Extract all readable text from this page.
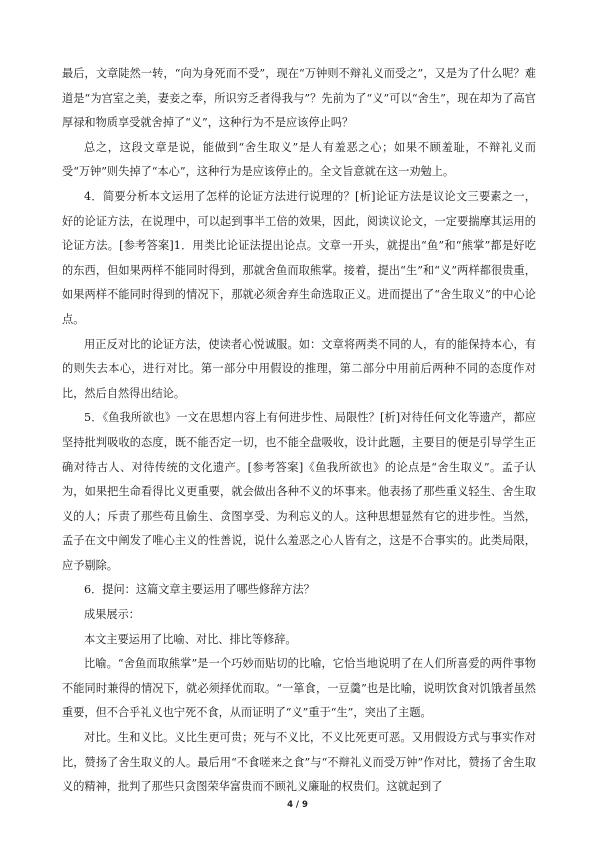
最后，文章陡然一转，“向为身死而不受”，现在“万钟则不辩礼义而受之”，又是为了什么呢？难道是“为宫室之美，妻妾之奉，所识穷乏者得我与”？先前为了“义”可以“舍生”，现在却为了高官厚禄和物质享受就舍掉了“义”，这种行为不是应该停止吗？

总之，这段文章是说，能做到“舍生取义”是人有羞恶之心；如果不顾羞耻，不辩礼义而受“万钟”则失掉了“本心”，这种行为是应该停止的。全文旨意就在这一劝勉上。

4．简要分析本文运用了怎样的论证方法进行说理的？[析]论证方法是议论文三要素之一，好的论证方法，在说理中，可以起到事半工倍的效果，因此，阅读议论文，一定要揣摩其运用的论证方法。[参考答案]1．用类比论证法提出论点。文章一开头，就提出“鱼”和“熊掌”都是好吃的东西，但如果两样不能同时得到，那就舍鱼而取熊掌。接着，提出“生”和“义”两样都很贵重，如果两样不能同时得到的情况下，那就必须舍弃生命选取正义。进而提出了“舍生取义”的中心论点。

用正反对比的论证方法，使读者心悦诚服。如：文章将两类不同的人，有的能保持本心，有的则失去本心，进行对比。第一部分中用假设的推理，第二部分中用前后两种不同的态度作对比，然后自然得出结论。

5．《鱼我所欲也》一文在思想内容上有何进步性、局限性？[析]对待任何文化等遗产，都应坚持批判吸收的态度，既不能否定一切，也不能全盘吸收，设计此题，主要目的便是引导学生正确对待古人、对待传统的文化遗产。[参考答案]《鱼我所欲也》的论点是“舍生取义”。孟子认为，如果把生命看得比义更重要，就会做出各种不义的坏事来。他表扬了那些重义轻生、舍生取义的人；斥责了那些苟且偷生、贪图享受、为利忘义的人。这种思想显然有它的进步性。当然，孟子在文中阐发了唯心主义的性善说，说什么羞恶之心人皆有之，这是不合事实的。此类局限，应予剔除。

6．提问：这篇文章主要运用了哪些修辞方法？

成果展示：

本文主要运用了比喻、对比、排比等修辞。

比喻。“舍鱼而取熊掌”是一个巧妙而贴切的比喻，它恰当地说明了在人们所喜爱的两件事物不能同时兼得的情况下，就必须择优而取。“一箪食，一豆羹”也是比喻，说明饮食对饥饿者虽然重要，但不合乎礼义也宁死不食，从而证明了“义”重于“生”，突出了主题。

对比。生和义比。义比生更可贵；死与不义比，不义比死更可恶。又用假设方式与事实作对比，赞扬了舍生取义的人。最后用“不食嗟来之食”与“不辩礼义而受万钟”作对比，赞扬了舍生取义的精神，批判了那些只贪图荣华富贵而不顾礼义廉耻的权贵们。这就起到了

4 / 9
